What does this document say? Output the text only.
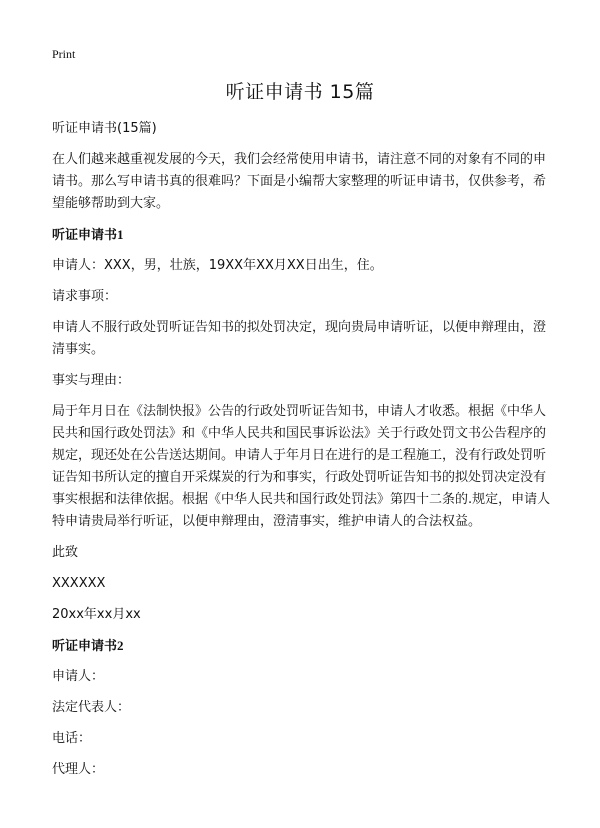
Print
听证申请书 15篇

听证申请书(15篇)

在人们越来越重视发展的今天，我们会经常使用申请书，请注意不同的对象有不同的申请书。那么写申请书真的很难吗？下面是小编帮大家整理的听证申请书，仅供参考，希望能够帮助到大家。

听证申请书1

申请人：XXX，男，壮族，19XX年XX月XX日出生，住。

请求事项：

申请人不服行政处罚听证告知书的拟处罚决定，现向贵局申请听证，以便申辩理由，澄清事实。

事实与理由：

局于年月日在《法制快报》公告的行政处罚听证告知书，申请人才收悉。根据《中华人民共和国行政处罚法》和《中华人民共和国民事诉讼法》关于行政处罚文书公告程序的规定，现还处在公告送达期间。申请人于年月日在进行的是工程施工，没有行政处罚听证告知书所认定的擅自开采煤炭的行为和事实，行政处罚听证告知书的拟处罚决定没有事实根据和法律依据。根据《中华人民共和国行政处罚法》第四十二条的.规定，申请人特申请贵局举行听证，以便申辩理由，澄清事实，维护申请人的合法权益。

此致

XXXXXX

20xx年xx月xx

听证申请书2

申请人：

法定代表人：

电话：

代理人：
